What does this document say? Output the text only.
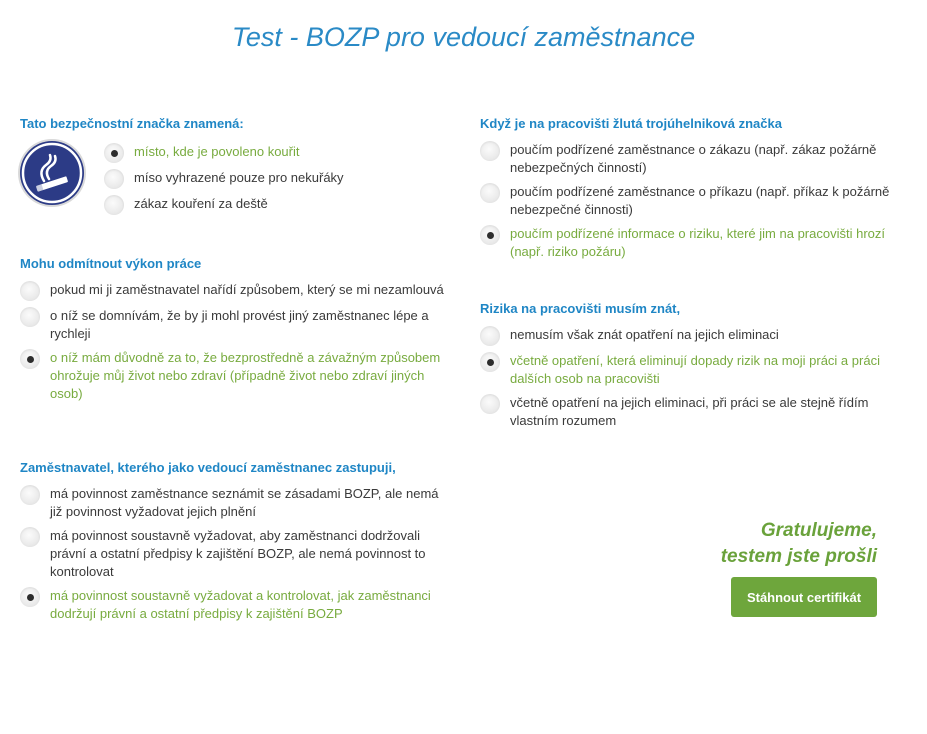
Test - BOZP pro vedoucí zaměstnance
Tato bezpečnostní značka znamená:
místo, kde je povoleno kouřit
míso vyhrazené pouze pro nekuřáky
zákaz kouření za deště
Mohu odmítnout výkon práce
pokud mi ji zaměstnavatel nařídí způsobem, který se mi nezamlouvá
o níž se domnívám, že by ji mohl provést jiný zaměstnanec lépe a rychleji
o níž mám důvodně za to, že bezprostředně a závažným způsobem ohrožuje můj život nebo zdraví (případně život nebo zdraví jiných osob)
Zaměstnavatel, kterého jako vedoucí zaměstnanec zastupuji,
má povinnost zaměstnance seznámit se zásadami BOZP, ale nemá již povinnost vyžadovat jejich plnění
má povinnost soustavně vyžadovat, aby zaměstnanci dodržovali právní a ostatní předpisy k zajištění BOZP, ale nemá povinnost to kontrolovat
má povinnost soustavně vyžadovat a kontrolovat, jak zaměstnanci dodržují právní a ostatní předpisy k zajištění BOZP
Když je na pracovišti žlutá trojúhelniková značka
poučím podřízené zaměstnance o zákazu (např. zákaz požárně nebezpečných činností)
poučím podřízené zaměstnance o příkazu (např. příkaz k požárně nebezpečné činnosti)
poučím podřízené informace o riziku, které jim na pracovišti hrozí (např. riziko požáru)
Rizika na pracovišti musím znát,
nemusím však znát opatření na jejich eliminaci
včetně opatření, která eliminují dopady rizik na moji práci a práci dalších osob na pracovišti
včetně opatření na jejich eliminaci, při práci se ale stejně řídím vlastním rozumem
Gratulujeme,
testem jste prošli
Stáhnout certifikát
